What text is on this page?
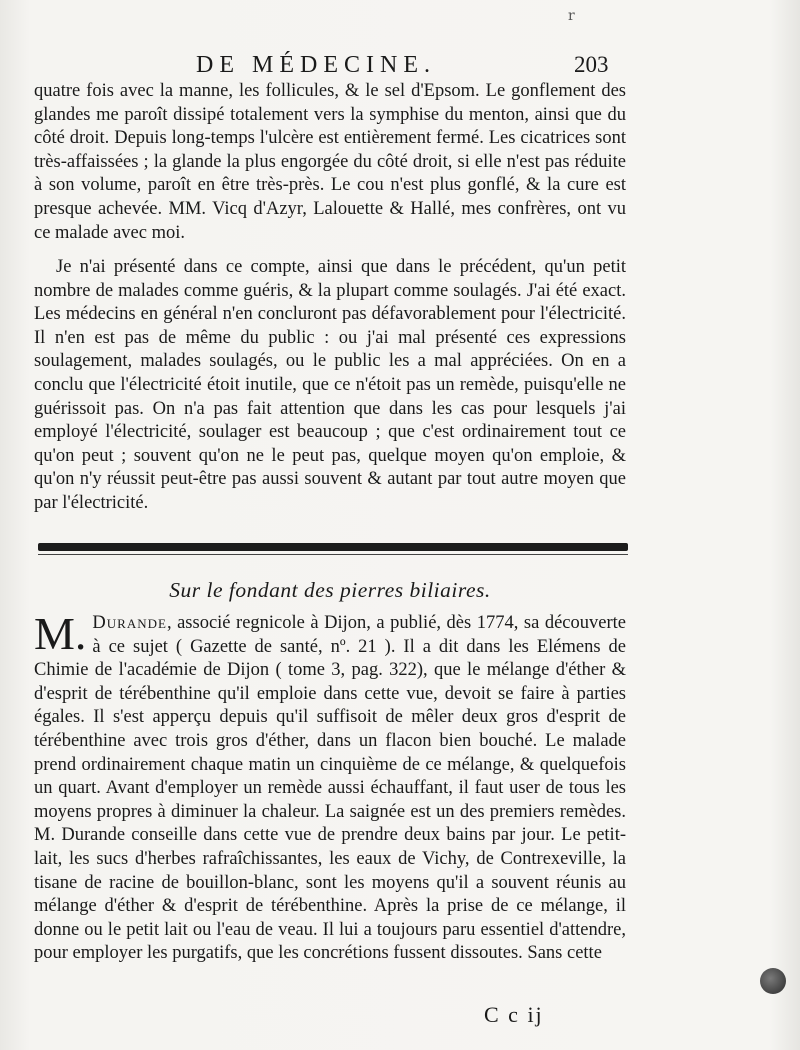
r
DE MÉDECINE.	203

quatre fois avec la manne, les follicules, & le sel d'Epsom. Le gonflement des glandes me paroît dissipé totalement vers la symphise du menton, ainsi que du côté droit. Depuis long-temps l'ulcère est entièrement fermé. Les cicatrices sont très-affaissées ; la glande la plus engorgée du côté droit, si elle n'est pas réduite à son volume, paroît en être très-près. Le cou n'est plus gonflé, & la cure est presque achevée. MM. Vicq d'Azyr, Lalouette & Hallé, mes confrères, ont vu ce malade avec moi.

Je n'ai présenté dans ce compte, ainsi que dans le précédent, qu'un petit nombre de malades comme guéris, & la plupart comme soulagés. J'ai été exact. Les médecins en général n'en concluront pas défavorablement pour l'électricité. Il n'en est pas de même du public : ou j'ai mal présenté ces expressions soulagement, malades soulagés, ou le public les a mal appréciées. On en a conclu que l'électricité étoit inutile, que ce n'étoit pas un remède, puisqu'elle ne guérissoit pas. On n'a pas fait attention que dans les cas pour lesquels j'ai employé l'électricité, soulager est beaucoup ; que c'est ordinairement tout ce qu'on peut ; souvent qu'on ne le peut pas, quelque moyen qu'on emploie, & qu'on n'y réussit peut-être pas aussi souvent & autant par tout autre moyen que par l'électricité.

Sur le fondant des pierres biliaires.

M. Durande, associé regnicole à Dijon, a publié, dès 1774, sa découverte à ce sujet ( Gazette de santé, nº. 21 ). Il a dit dans les Elémens de Chimie de l'académie de Dijon ( tome 3, pag. 322), que le mélange d'éther & d'esprit de térébenthine qu'il emploie dans cette vue, devoit se faire à parties égales. Il s'est apperçu depuis qu'il suffisoit de mêler deux gros d'esprit de térébenthine avec trois gros d'éther, dans un flacon bien bouché. Le malade prend ordinairement chaque matin un cinquième de ce mélange, & quelquefois un quart. Avant d'employer un remède aussi échauffant, il faut user de tous les moyens propres à diminuer la chaleur. La saignée est un des premiers remèdes. M. Durande conseille dans cette vue de prendre deux bains par jour. Le petit-lait, les sucs d'herbes rafraîchissantes, les eaux de Vichy, de Contrexeville, la tisane de racine de bouillon-blanc, sont les moyens qu'il a souvent réunis au mélange d'éther & d'esprit de térébenthine. Après la prise de ce mélange, il donne ou le petit lait ou l'eau de veau. Il lui a toujours paru essentiel d'attendre, pour employer les purgatifs, que les concrétions fussent dissoutes. Sans cette

C c ij
